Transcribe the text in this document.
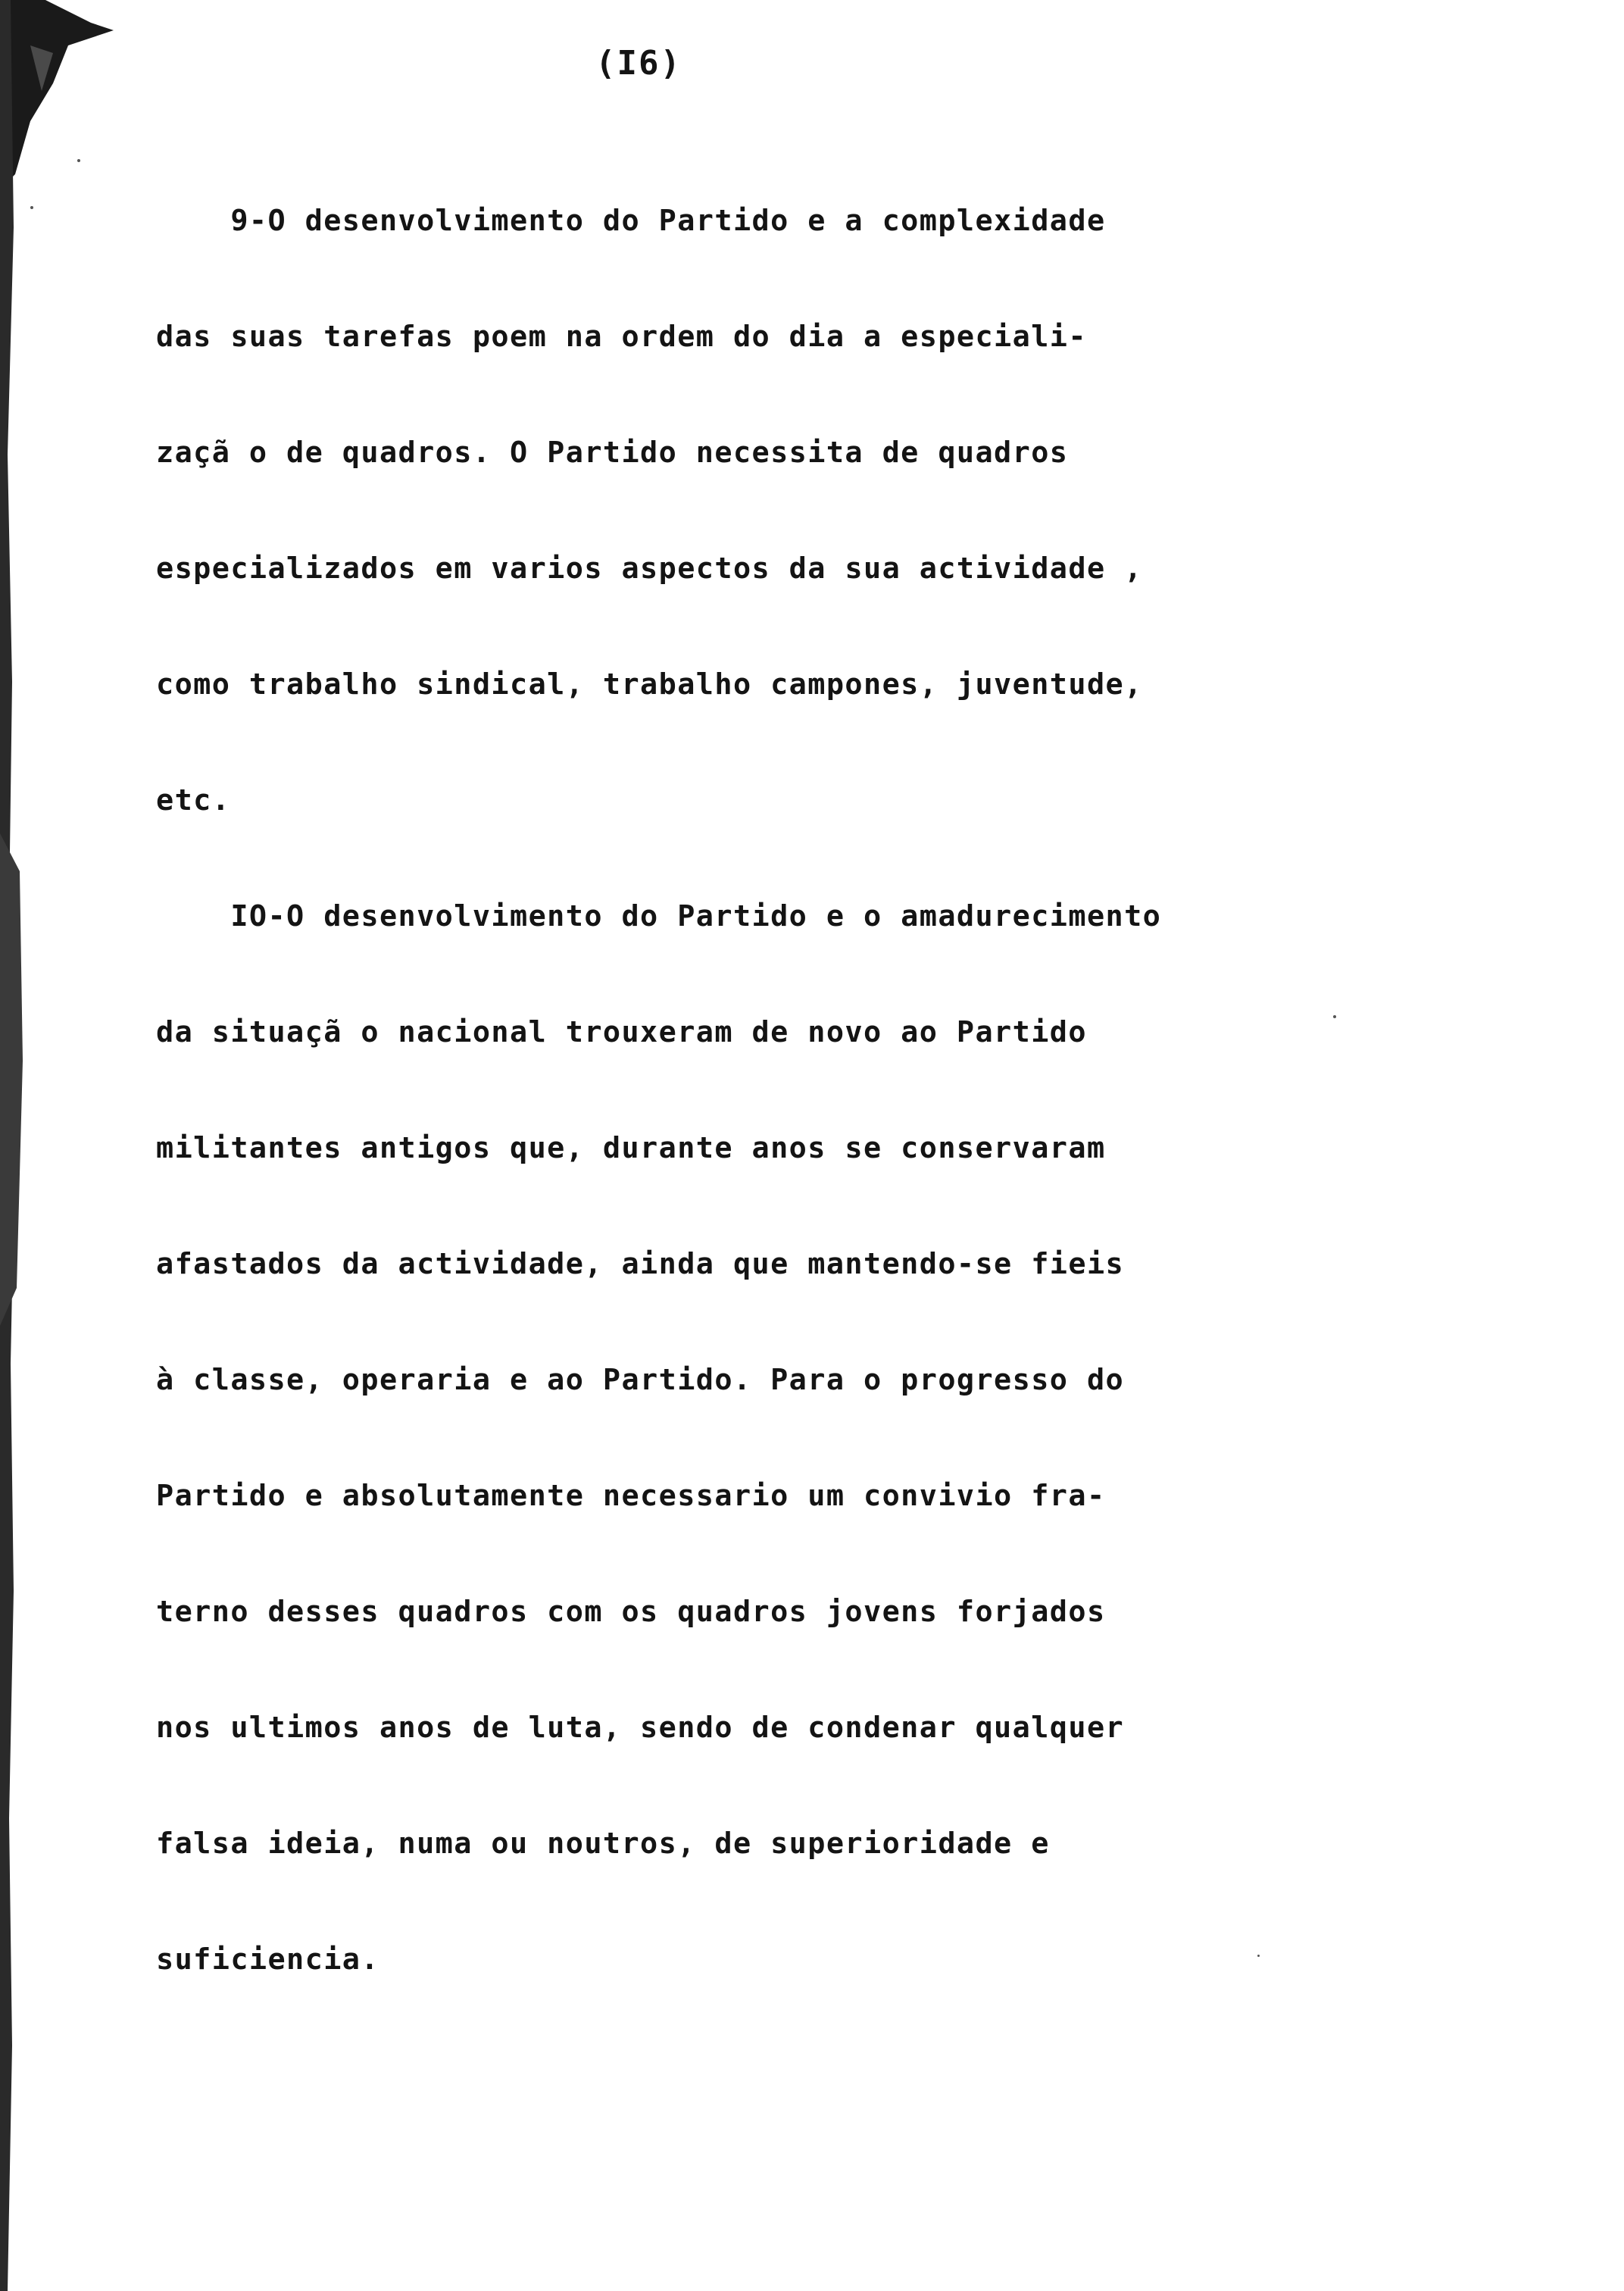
(I6)

9-O desenvolvimento do Partido e a complexidade

das suas tarefas poem na ordem do dia a especiali-

zaçã o de quadros. O Partido necessita de quadros

especializados em varios aspectos da sua actividade ,

como trabalho sindical, trabalho campones, juventude,

etc.

IO-O desenvolvimento do Partido e o amadurecimento

da situaçã o nacional trouxeram de novo ao Partido

militantes antigos que, durante anos se conservaram

afastados da actividade, ainda que mantendo-se fieis

à classe, operaria e ao Partido. Para o progresso do

Partido e absolutamente necessario um convivio fra-

terno desses quadros com os quadros jovens forjados

nos ultimos anos de luta, sendo de condenar qualquer

falsa ideia, numa ou noutros, de superioridade e

suficiencia.
